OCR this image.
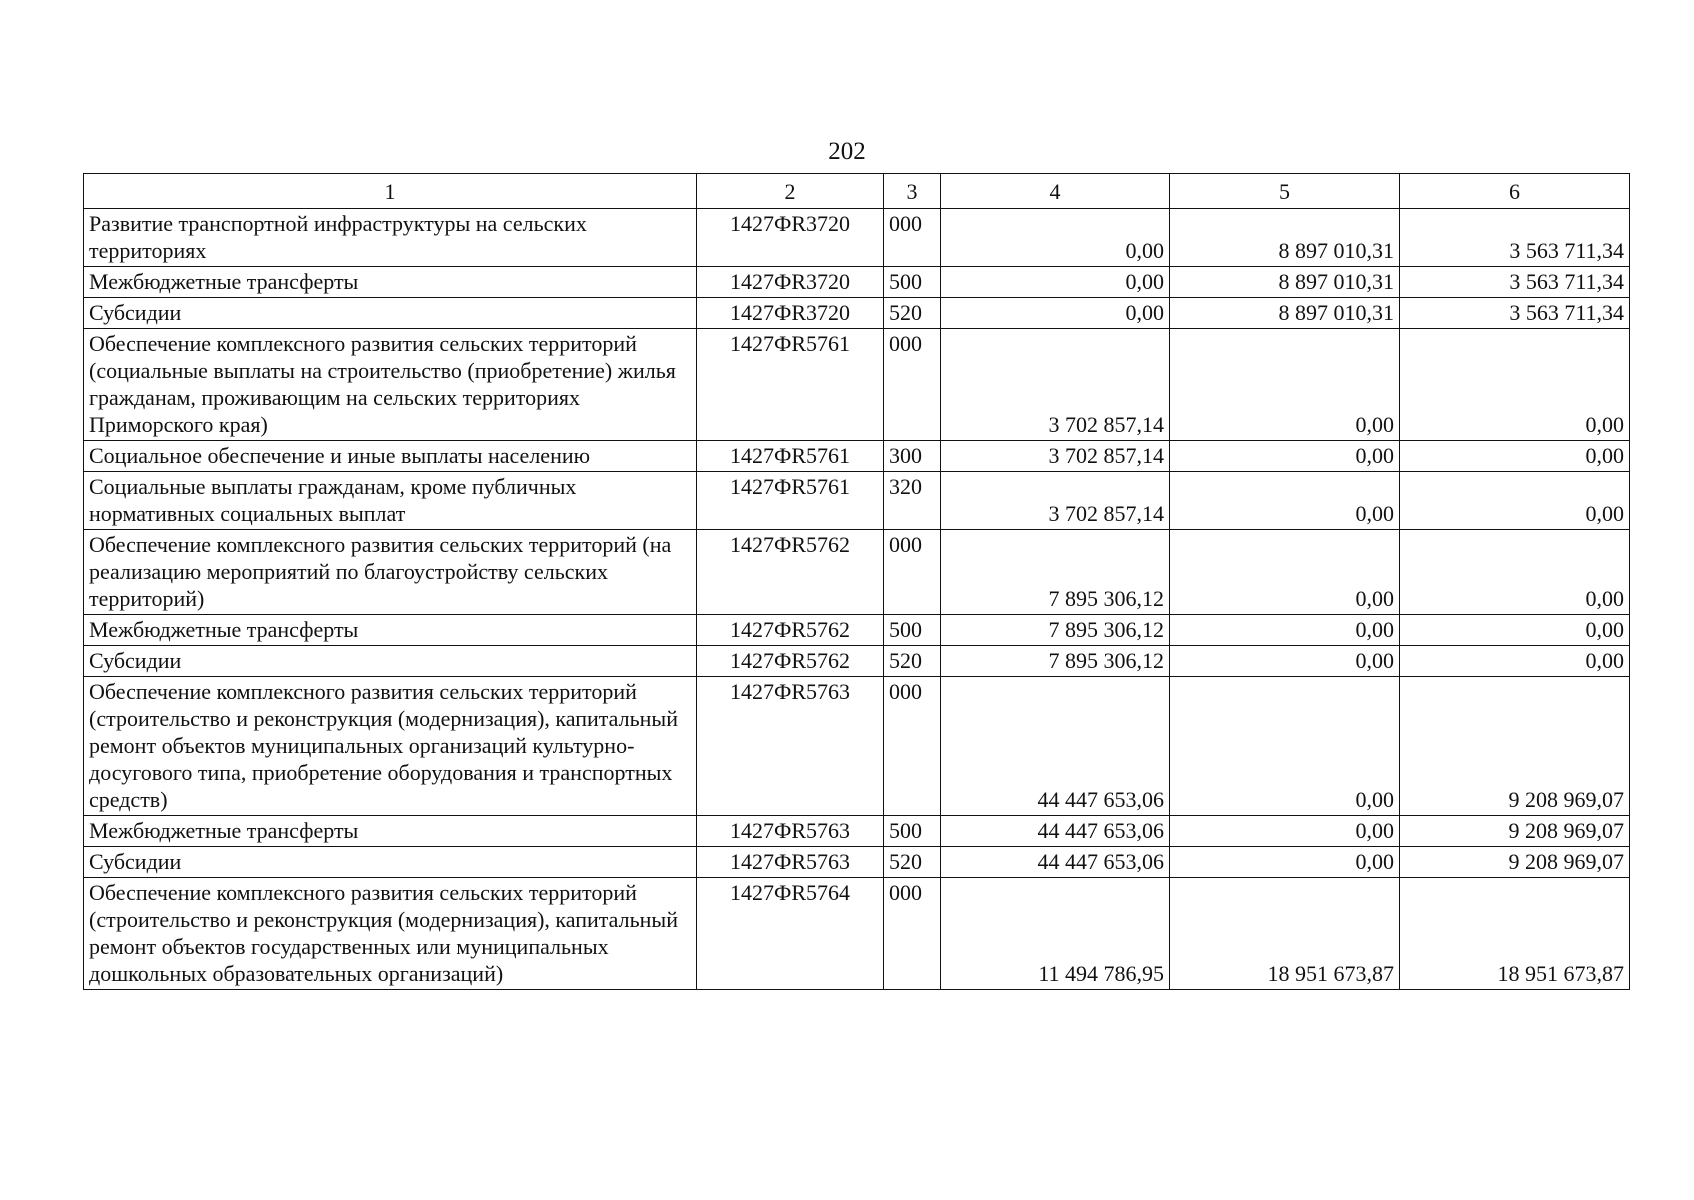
202
1	2	3	4	5	6
Развитие транспортной инфраструктуры на сельских территориях	1427ФR3720	000	0,00	8 897 010,31	3 563 711,34
Межбюджетные трансферты	1427ФR3720	500	0,00	8 897 010,31	3 563 711,34
Субсидии	1427ФR3720	520	0,00	8 897 010,31	3 563 711,34
Обеспечение комплексного развития сельских территорий (социальные выплаты на строительство (приобретение) жилья гражданам, проживающим на сельских территориях Приморского края)	1427ФR5761	000	3 702 857,14	0,00	0,00
Социальное обеспечение и иные выплаты населению	1427ФR5761	300	3 702 857,14	0,00	0,00
Социальные выплаты гражданам, кроме публичных нормативных социальных выплат	1427ФR5761	320	3 702 857,14	0,00	0,00
Обеспечение комплексного развития сельских территорий (на реализацию мероприятий по благоустройству сельских территорий)	1427ФR5762	000	7 895 306,12	0,00	0,00
Межбюджетные трансферты	1427ФR5762	500	7 895 306,12	0,00	0,00
Субсидии	1427ФR5762	520	7 895 306,12	0,00	0,00
Обеспечение комплексного развития сельских территорий (строительство и реконструкция (модернизация), капитальный ремонт объектов муниципальных организаций культурно-досугового типа, приобретение оборудования и транспортных средств)	1427ФR5763	000	44 447 653,06	0,00	9 208 969,07
Межбюджетные трансферты	1427ФR5763	500	44 447 653,06	0,00	9 208 969,07
Субсидии	1427ФR5763	520	44 447 653,06	0,00	9 208 969,07
Обеспечение комплексного развития сельских территорий (строительство и реконструкция (модернизация), капитальный ремонт объектов государственных или муниципальных дошкольных образовательных организаций)	1427ФR5764	000	11 494 786,95	18 951 673,87	18 951 673,87
